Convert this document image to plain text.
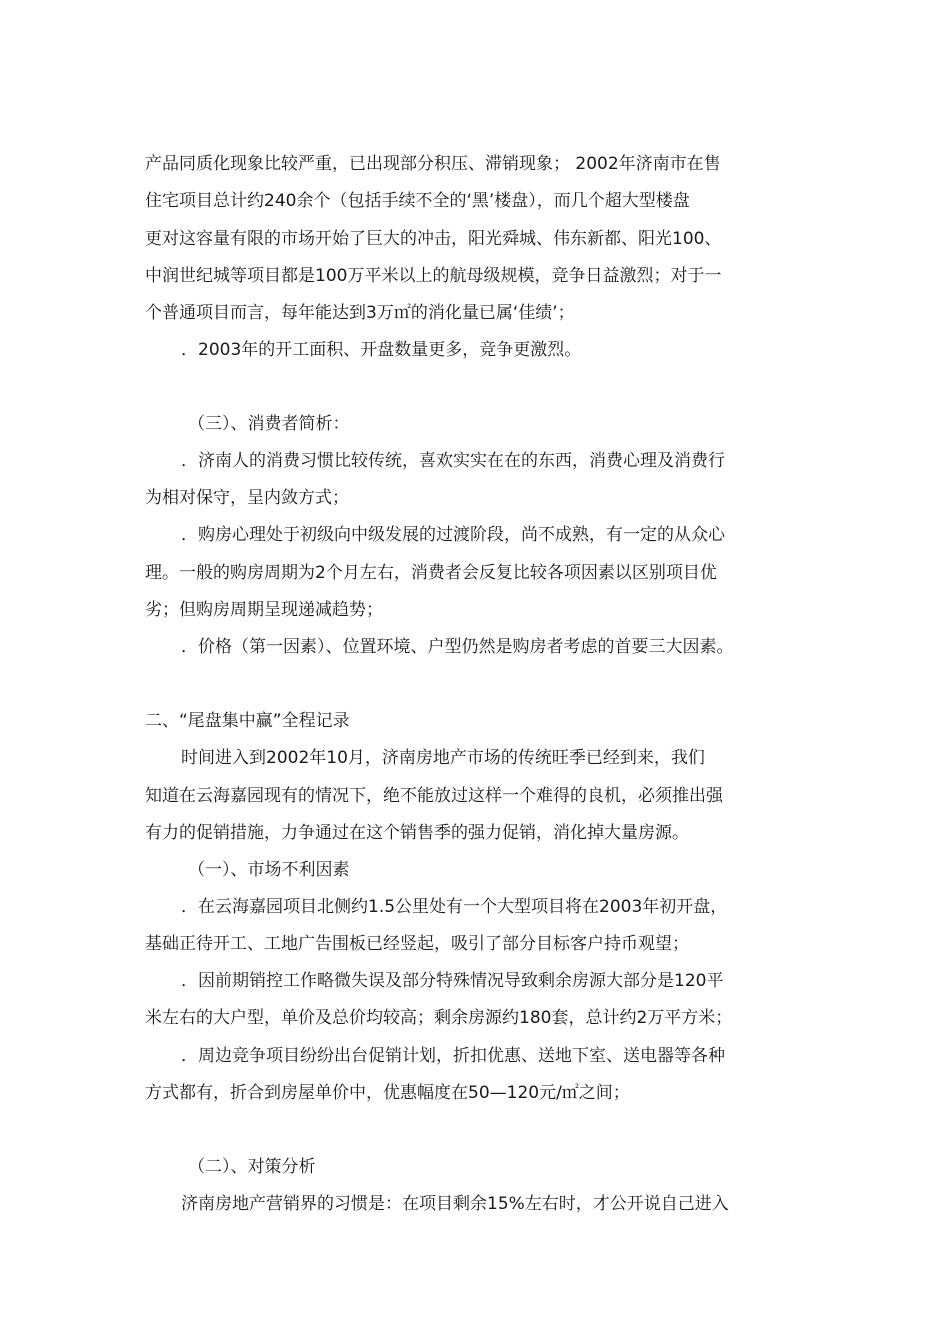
产品同质化现象比较严重，已出现部分积压、滞销现象； 2002年济南市在售
住宅项目总计约240余个（包括手续不全的‘黑’楼盘），而几个超大型楼盘
更对这容量有限的市场开始了巨大的冲击，阳光舜城、伟东新都、阳光100、
中润世纪城等项目都是100万平米以上的航母级规模，竞争日益激烈；对于一
个普通项目而言，每年能达到3万㎡的消化量已属‘佳绩’；
．2003年的开工面积、开盘数量更多，竞争更激烈。
（三）、消费者简析：
．济南人的消费习惯比较传统，喜欢实实在在的东西，消费心理及消费行
为相对保守，呈内敛方式；
．购房心理处于初级向中级发展的过渡阶段，尚不成熟，有一定的从众心
理。一般的购房周期为2个月左右，消费者会反复比较各项因素以区别项目优
劣；但购房周期呈现递减趋势；
．价格（第一因素）、位置环境、户型仍然是购房者考虑的首要三大因素。
二、“尾盘集中赢”全程记录
时间进入到2002年10月，济南房地产市场的传统旺季已经到来，我们
知道在云海嘉园现有的情况下，绝不能放过这样一个难得的良机，必须推出强
有力的促销措施，力争通过在这个销售季的强力促销，消化掉大量房源。
（一）、市场不利因素
．在云海嘉园项目北侧约1.5公里处有一个大型项目将在2003年初开盘，
基础正待开工、工地广告围板已经竖起，吸引了部分目标客户持币观望；
．因前期销控工作略微失误及部分特殊情况导致剩余房源大部分是120平
米左右的大户型，单价及总价均较高；剩余房源约180套，总计约2万平方米；
．周边竞争项目纷纷出台促销计划，折扣优惠、送地下室、送电器等各种
方式都有，折合到房屋单价中，优惠幅度在50—120元/㎡之间；
（二）、对策分析
济南房地产营销界的习惯是：在项目剩余15%左右时，才公开说自己进入
